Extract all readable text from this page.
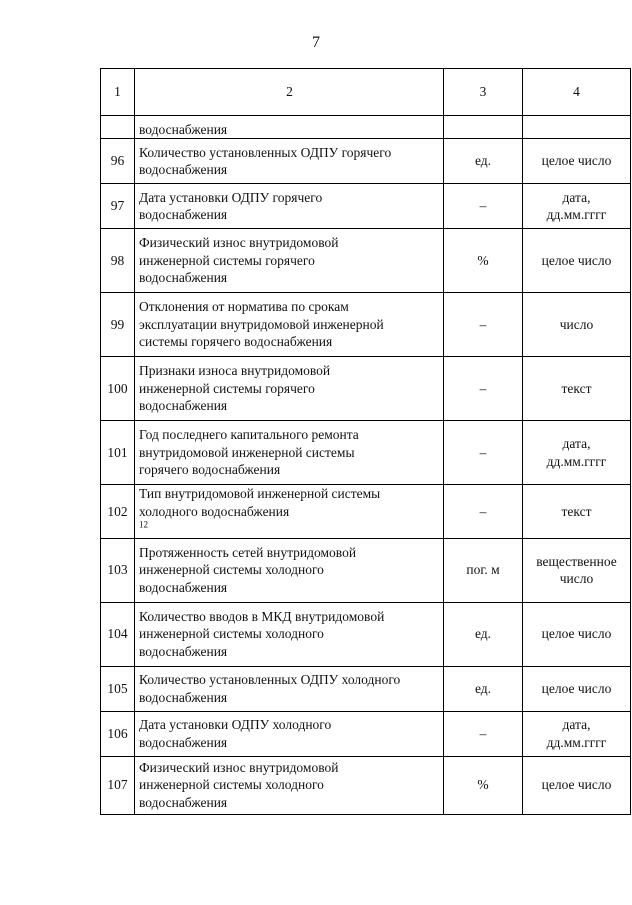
7
1	2	3	4
	водоснабжения		
96	Количество установленных ОДПУ горячего
водоснабжения	ед.	целое число

97	Дата установки ОДПУ горячего
водоснабжения	–	дата,
дд.мм.гггг

98	Физический износ внутридомовой
инженерной системы горячего
водоснабжения	%	целое число

99	Отклонения от норматива по срокам
эксплуатации внутридомовой инженерной
системы горячего водоснабжения	–	число

100	Признаки износа внутридомовой
инженерной системы горячего
водоснабжения	–	текст

101	Год последнего капитального ремонта
внутридомовой инженерной системы
горячего водоснабжения	–	дата,
дд.мм.гггг

102	Тип внутридомовой инженерной системы
холодного водоснабжения
$^{12}$	–	текст

103	Протяженность сетей внутридомовой
инженерной системы холодного
водоснабжения	пог. м	вещественное
число

104	Количество вводов в МКД внутридомовой
инженерной системы холодного
водоснабжения	ед.	целое число

105	Количество установленных ОДПУ холодного
водоснабжения	ед.	целое число

106	Дата установки ОДПУ холодного
водоснабжения	–	дата,
дд.мм.гггг

107	Физический износ внутридомовой
инженерной системы холодного
водоснабжения	%	целое число
